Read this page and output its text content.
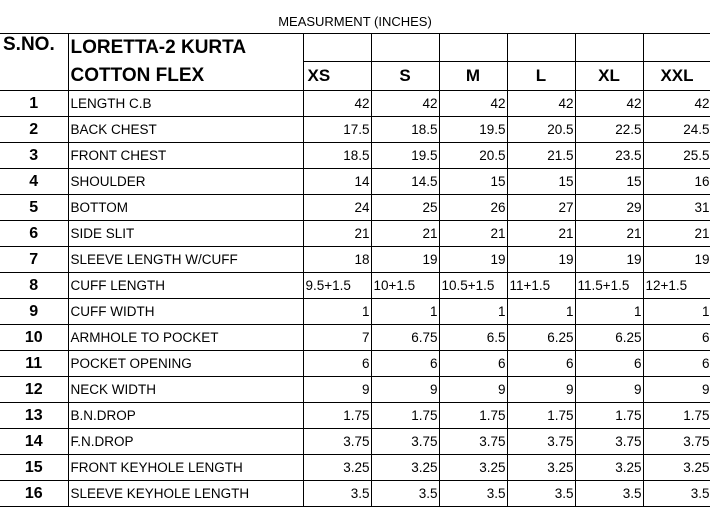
MEASURMENT (INCHES)
S.NO.	LORETTA-2 KURTA						
	COTTON FLEX	XS	S	M	L	XL	XXL
1	LENGTH C.B	42	42	42	42	42	42
2	BACK CHEST	17.5	18.5	19.5	20.5	22.5	24.5
3	FRONT CHEST	18.5	19.5	20.5	21.5	23.5	25.5
4	SHOULDER	14	14.5	15	15	15	16
5	BOTTOM	24	25	26	27	29	31
6	SIDE SLIT	21	21	21	21	21	21
7	SLEEVE LENGTH W/CUFF	18	19	19	19	19	19
8	CUFF LENGTH	9.5+1.5	10+1.5	10.5+1.5	11+1.5	11.5+1.5	12+1.5
9	CUFF WIDTH	1	1	1	1	1	1
10	ARMHOLE TO POCKET	7	6.75	6.5	6.25	6.25	6
11	POCKET OPENING	6	6	6	6	6	6
12	NECK WIDTH	9	9	9	9	9	9
13	B.N.DROP	1.75	1.75	1.75	1.75	1.75	1.75
14	F.N.DROP	3.75	3.75	3.75	3.75	3.75	3.75
15	FRONT KEYHOLE LENGTH	3.25	3.25	3.25	3.25	3.25	3.25
16	SLEEVE KEYHOLE LENGTH	3.5	3.5	3.5	3.5	3.5	3.5
